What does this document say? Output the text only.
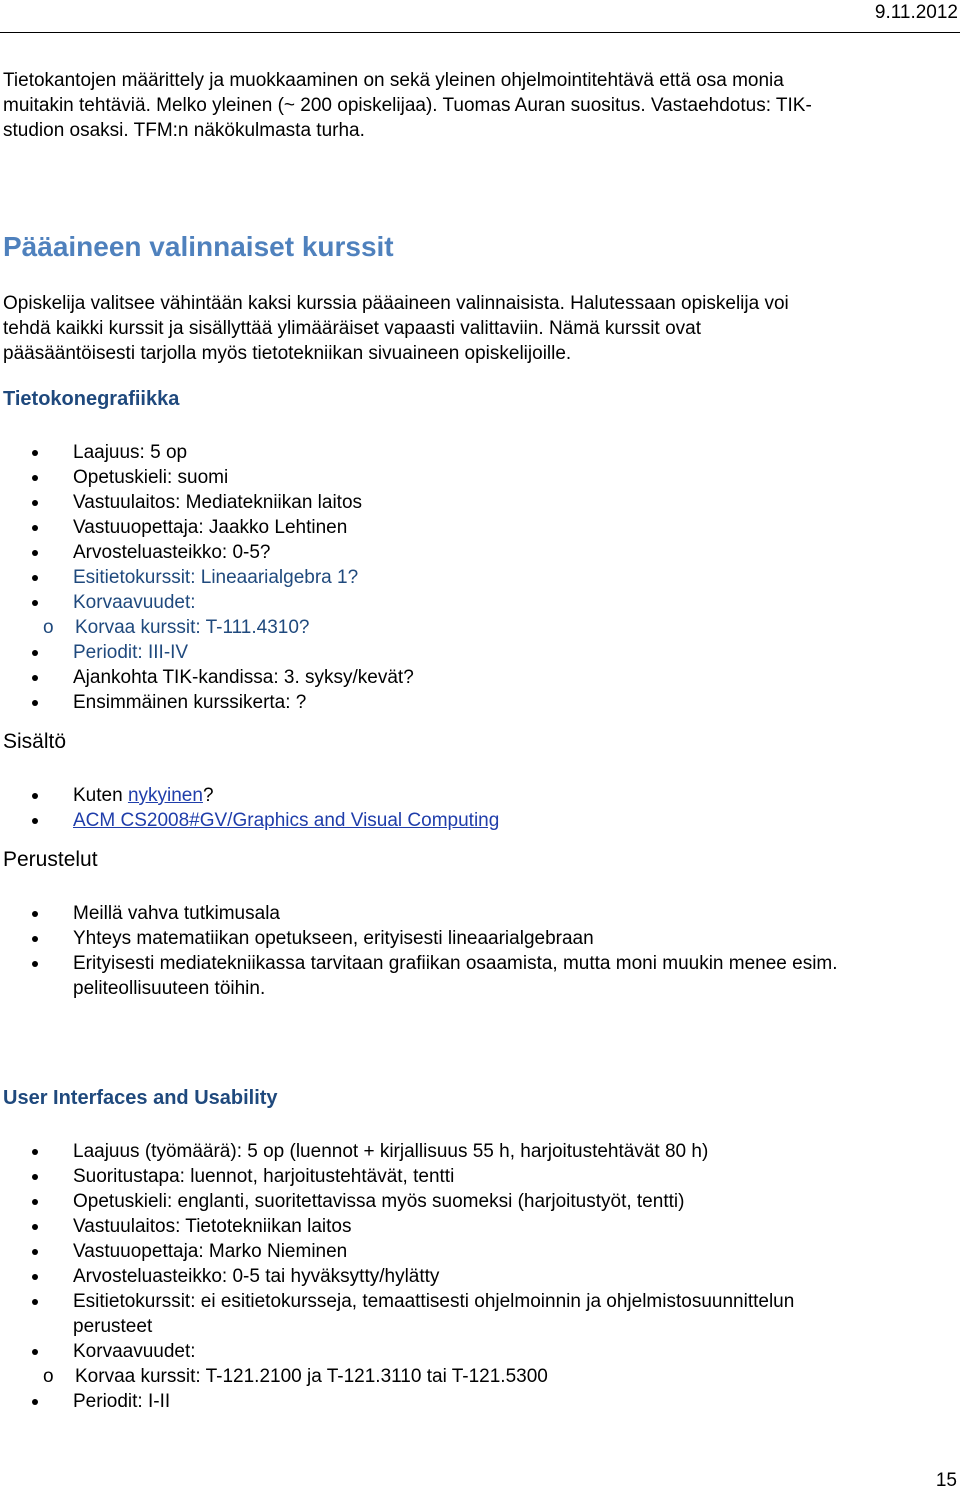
9.11.2012

Tietokantojen määrittely ja muokkaaminen on sekä yleinen ohjelmointitehtävä että osa monia

muitakin tehtäviä. Melko yleinen (~ 200 opiskelijaa). Tuomas Auran suositus. Vastaehdotus: TIK-

studion osaksi. TFM:n näkökulmasta turha.

Pääaineen valinnaiset kurssit

Opiskelija valitsee vähintään kaksi kurssia pääaineen valinnaisista. Halutessaan opiskelija voi

tehdä kaikki kurssit ja sisällyttää ylimääräiset vapaasti valittaviin. Nämä kurssit ovat

pääsääntöisesti tarjolla myös tietotekniikan sivuaineen opiskelijoille.

Tietokonegrafiikka
Laajuus: 5 op
Opetuskieli: suomi
Vastuulaitos: Mediatekniikan laitos
Vastuuopettaja: Jaakko Lehtinen
Arvosteluasteikko: 0-5?
Esitietokurssit: Lineaarialgebra 1?
Korvaavuudet:
o Korvaa kurssit: T-111.4310?
Periodit: III-IV
Ajankohta TIK-kandissa: 3. syksy/kevät?
Ensimmäinen kurssikerta: ?
Sisältö
Kuten nykyinen?
ACM CS2008#GV/Graphics and Visual Computing
Perustelut
Meillä vahva tutkimusala
Yhteys matematiikan opetukseen, erityisesti lineaarialgebraan
Erityisesti mediatekniikassa tarvitaan grafiikan osaamista, mutta moni muukin menee esim.
peliteollisuuteen töihin.
User Interfaces and Usability
Laajuus (työmäärä): 5 op (luennot + kirjallisuus 55 h, harjoitustehtävät 80 h)
Suoritustapa: luennot, harjoitustehtävät, tentti
Opetuskieli: englanti, suoritettavissa myös suomeksi (harjoitustyöt, tentti)
Vastuulaitos: Tietotekniikan laitos
Vastuuopettaja: Marko Nieminen
Arvosteluasteikko: 0-5 tai hyväksytty/hylätty
Esitietokurssit: ei esitietokursseja, temaattisesti ohjelmoinnin ja ohjelmistosuunnittelun
perusteet
Korvaavuudet:
o Korvaa kurssit: T-121.2100 ja T-121.3110 tai T-121.5300
Periodit: I-II
15
